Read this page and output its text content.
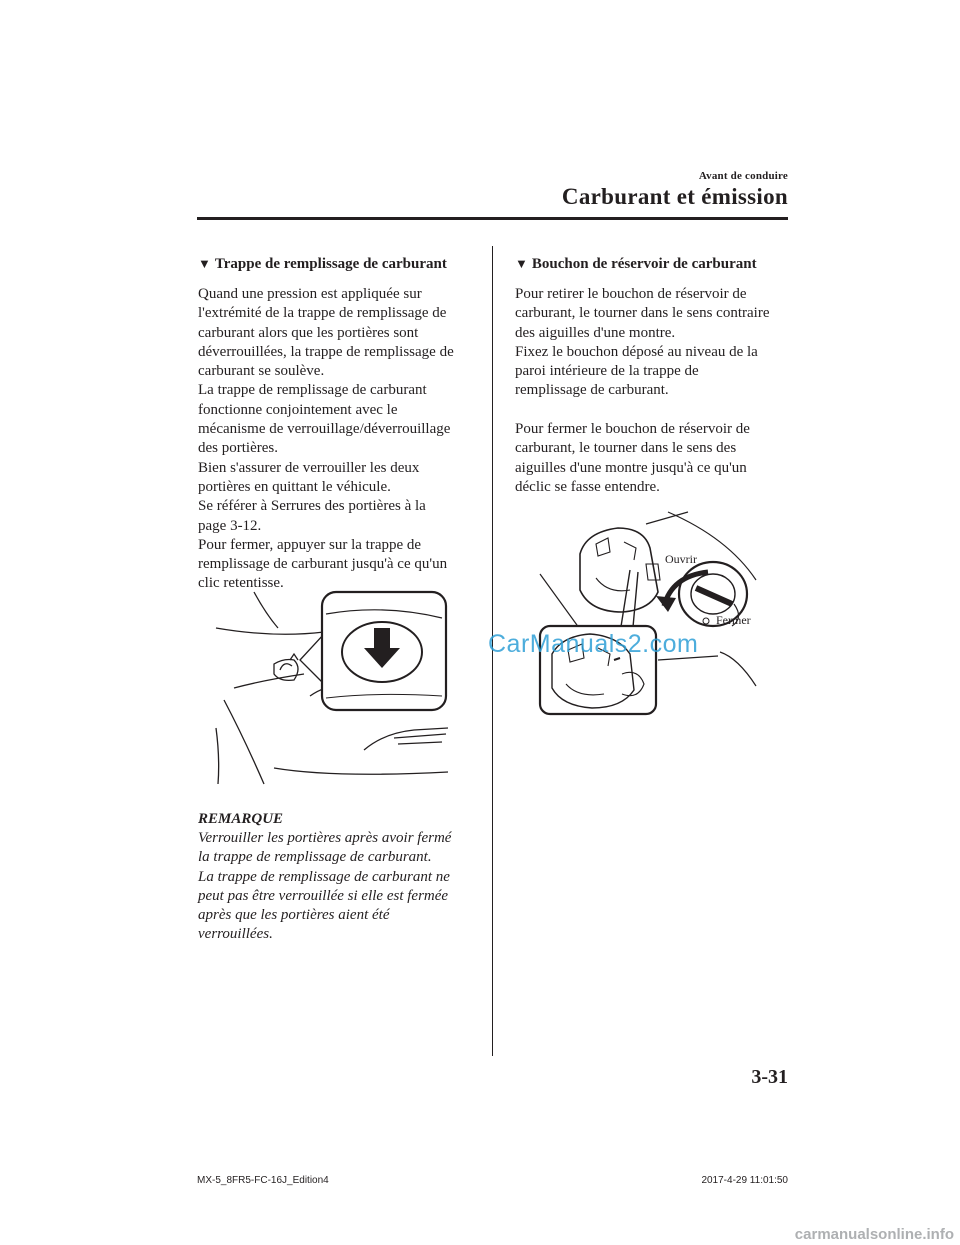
Avant de conduire
Carburant et émission
▼ Trappe de remplissage de carburant
Quand une pression est appliquée sur
l'extrémité de la trappe de remplissage de
carburant alors que les portières sont
déverrouillées, la trappe de remplissage de
carburant se soulève.
La trappe de remplissage de carburant
fonctionne conjointement avec le
mécanisme de verrouillage/déverrouillage
des portières.
Bien s'assurer de verrouiller les deux
portières en quittant le véhicule.
Se référer à Serrures des portières à la
page 3-12.
Pour fermer, appuyer sur la trappe de
remplissage de carburant jusqu'à ce qu'un
clic retentisse.
REMARQUE
Verrouiller les portières après avoir fermé
la trappe de remplissage de carburant.
La trappe de remplissage de carburant ne
peut pas être verrouillée si elle est fermée
après que les portières aient été
verrouillées.
▼ Bouchon de réservoir de carburant
Pour retirer le bouchon de réservoir de
carburant, le tourner dans le sens contraire
des aiguilles d'une montre.
Fixez le bouchon déposé au niveau de la
paroi intérieure de la trappe de
remplissage de carburant.

Pour fermer le bouchon de réservoir de
carburant, le tourner dans le sens des
aiguilles d'une montre jusqu'à ce qu'un
déclic se fasse entendre.
Ouvrir
Fermer
CarManuals2.com
3-31
MX-5_8FR5-FC-16J_Edition4	2017-4-29 11:01:50
carmanualsonline.info
